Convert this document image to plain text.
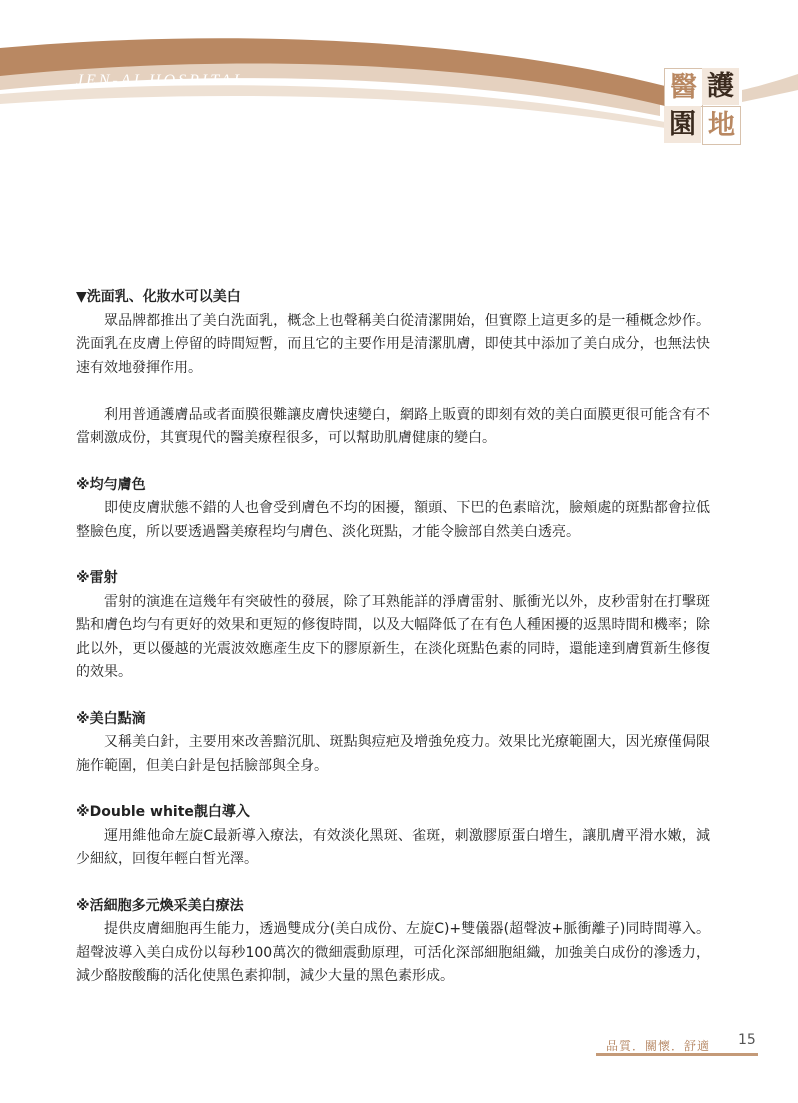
JEN-AI HOSPITAL	醫 護
園 地

▼洗面乳、化妝水可以美白

眾品牌都推出了美白洗面乳，概念上也聲稱美白從清潔開始，但實際上這更多的是一種概念炒作。洗面乳在皮膚上停留的時間短暫，而且它的主要作用是清潔肌膚，即使其中添加了美白成分，也無法快速有效地發揮作用。

利用普通護膚品或者面膜很難讓皮膚快速變白，網路上販賣的即刻有效的美白面膜更很可能含有不當刺激成份，其實現代的醫美療程很多，可以幫助肌膚健康的變白。

※均勻膚色

即使皮膚狀態不錯的人也會受到膚色不均的困擾，額頭、下巴的色素暗沈，臉頰處的斑點都會拉低整臉色度，所以要透過醫美療程均勻膚色、淡化斑點，才能令臉部自然美白透亮。

※雷射

雷射的演進在這幾年有突破性的發展，除了耳熟能詳的淨膚雷射、脈衝光以外，皮秒雷射在打擊斑點和膚色均勻有更好的效果和更短的修復時間，以及大幅降低了在有色人種困擾的返黑時間和機率；除此以外，更以優越的光震波效應產生皮下的膠原新生，在淡化斑點色素的同時，還能達到膚質新生修復的效果。

※美白點滴

又稱美白針，主要用來改善黯沉肌、斑點與痘疤及增強免疫力。效果比光療範圍大，因光療僅侷限施作範圍，但美白針是包括臉部與全身。

※Double white靚白導入

運用維他命左旋C最新導入療法，有效淡化黑斑、雀斑，刺激膠原蛋白增生，讓肌膚平滑水嫩，減少細紋，回復年輕白皙光澤。

※活細胞多元煥采美白療法

提供皮膚細胞再生能力，透過雙成分(美白成份、左旋C)+雙儀器(超聲波+脈衝離子)同時間導入。超聲波導入美白成份以每秒100萬次的微細震動原理，可活化深部細胞組織，加強美白成份的滲透力，減少酪胺酸酶的活化使黑色素抑制，減少大量的黑色素形成。

品質．關懷．舒適 15
